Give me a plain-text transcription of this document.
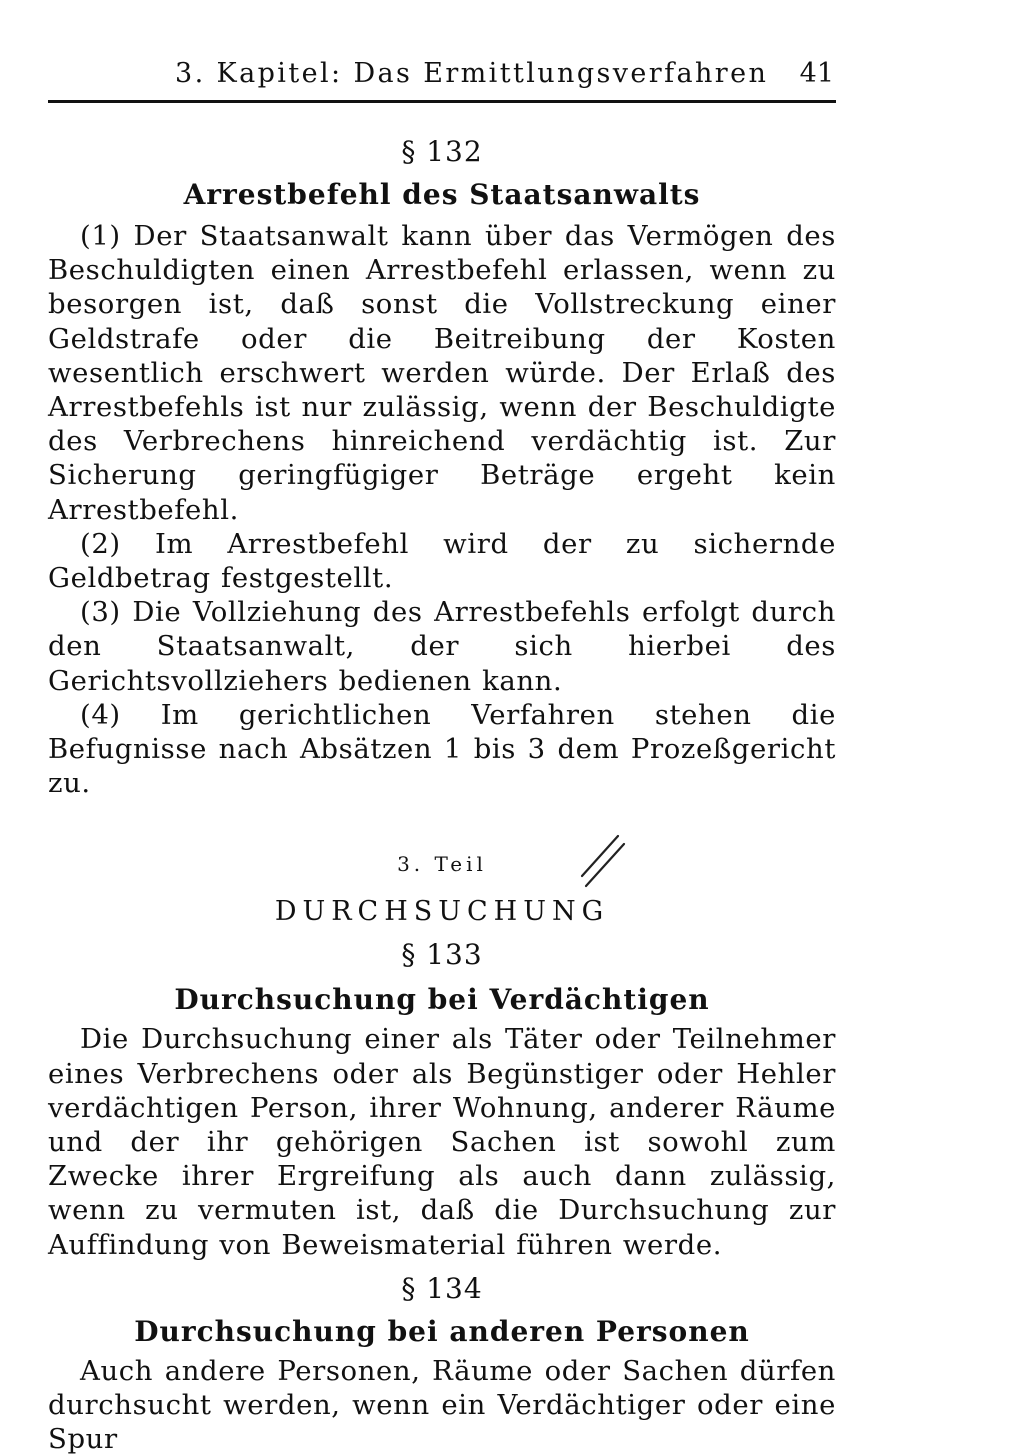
3. Kapitel: Das Ermittlungsverfahren 41
§ 132
Arrestbefehl des Staatsanwalts

(1) Der Staatsanwalt kann über das Vermögen des Beschuldigten einen Arrestbefehl erlassen, wenn zu besorgen ist, daß sonst die Vollstreckung einer Geldstrafe oder die Beitreibung der Kosten wesentlich erschwert werden würde. Der Erlaß des Arrestbefehls ist nur zulässig, wenn der Beschuldigte des Verbrechens hinreichend verdächtig ist. Zur Sicherung geringfügiger Beträge ergeht kein Arrestbefehl.

(2) Im Arrestbefehl wird der zu sichernde Geldbetrag festgestellt.

(3) Die Vollziehung des Arrestbefehls erfolgt durch den Staatsanwalt, der sich hierbei des Gerichtsvollziehers bedienen kann.

(4) Im gerichtlichen Verfahren stehen die Befugnisse nach Absätzen 1 bis 3 dem Prozeßgericht zu.

3. Teil
DURCHSUCHUNG
§ 133
Durchsuchung bei Verdächtigen

Die Durchsuchung einer als Täter oder Teilnehmer eines Verbrechens oder als Begünstiger oder Hehler verdächtigen Person, ihrer Wohnung, anderer Räume und der ihr gehörigen Sachen ist sowohl zum Zwecke ihrer Ergreifung als auch dann zulässig, wenn zu vermuten ist, daß die Durchsuchung zur Auffindung von Beweismaterial führen werde.

§ 134
Durchsuchung bei anderen Personen

Auch andere Personen, Räume oder Sachen dürfen durchsucht werden, wenn ein Verdächtiger oder eine Spur
